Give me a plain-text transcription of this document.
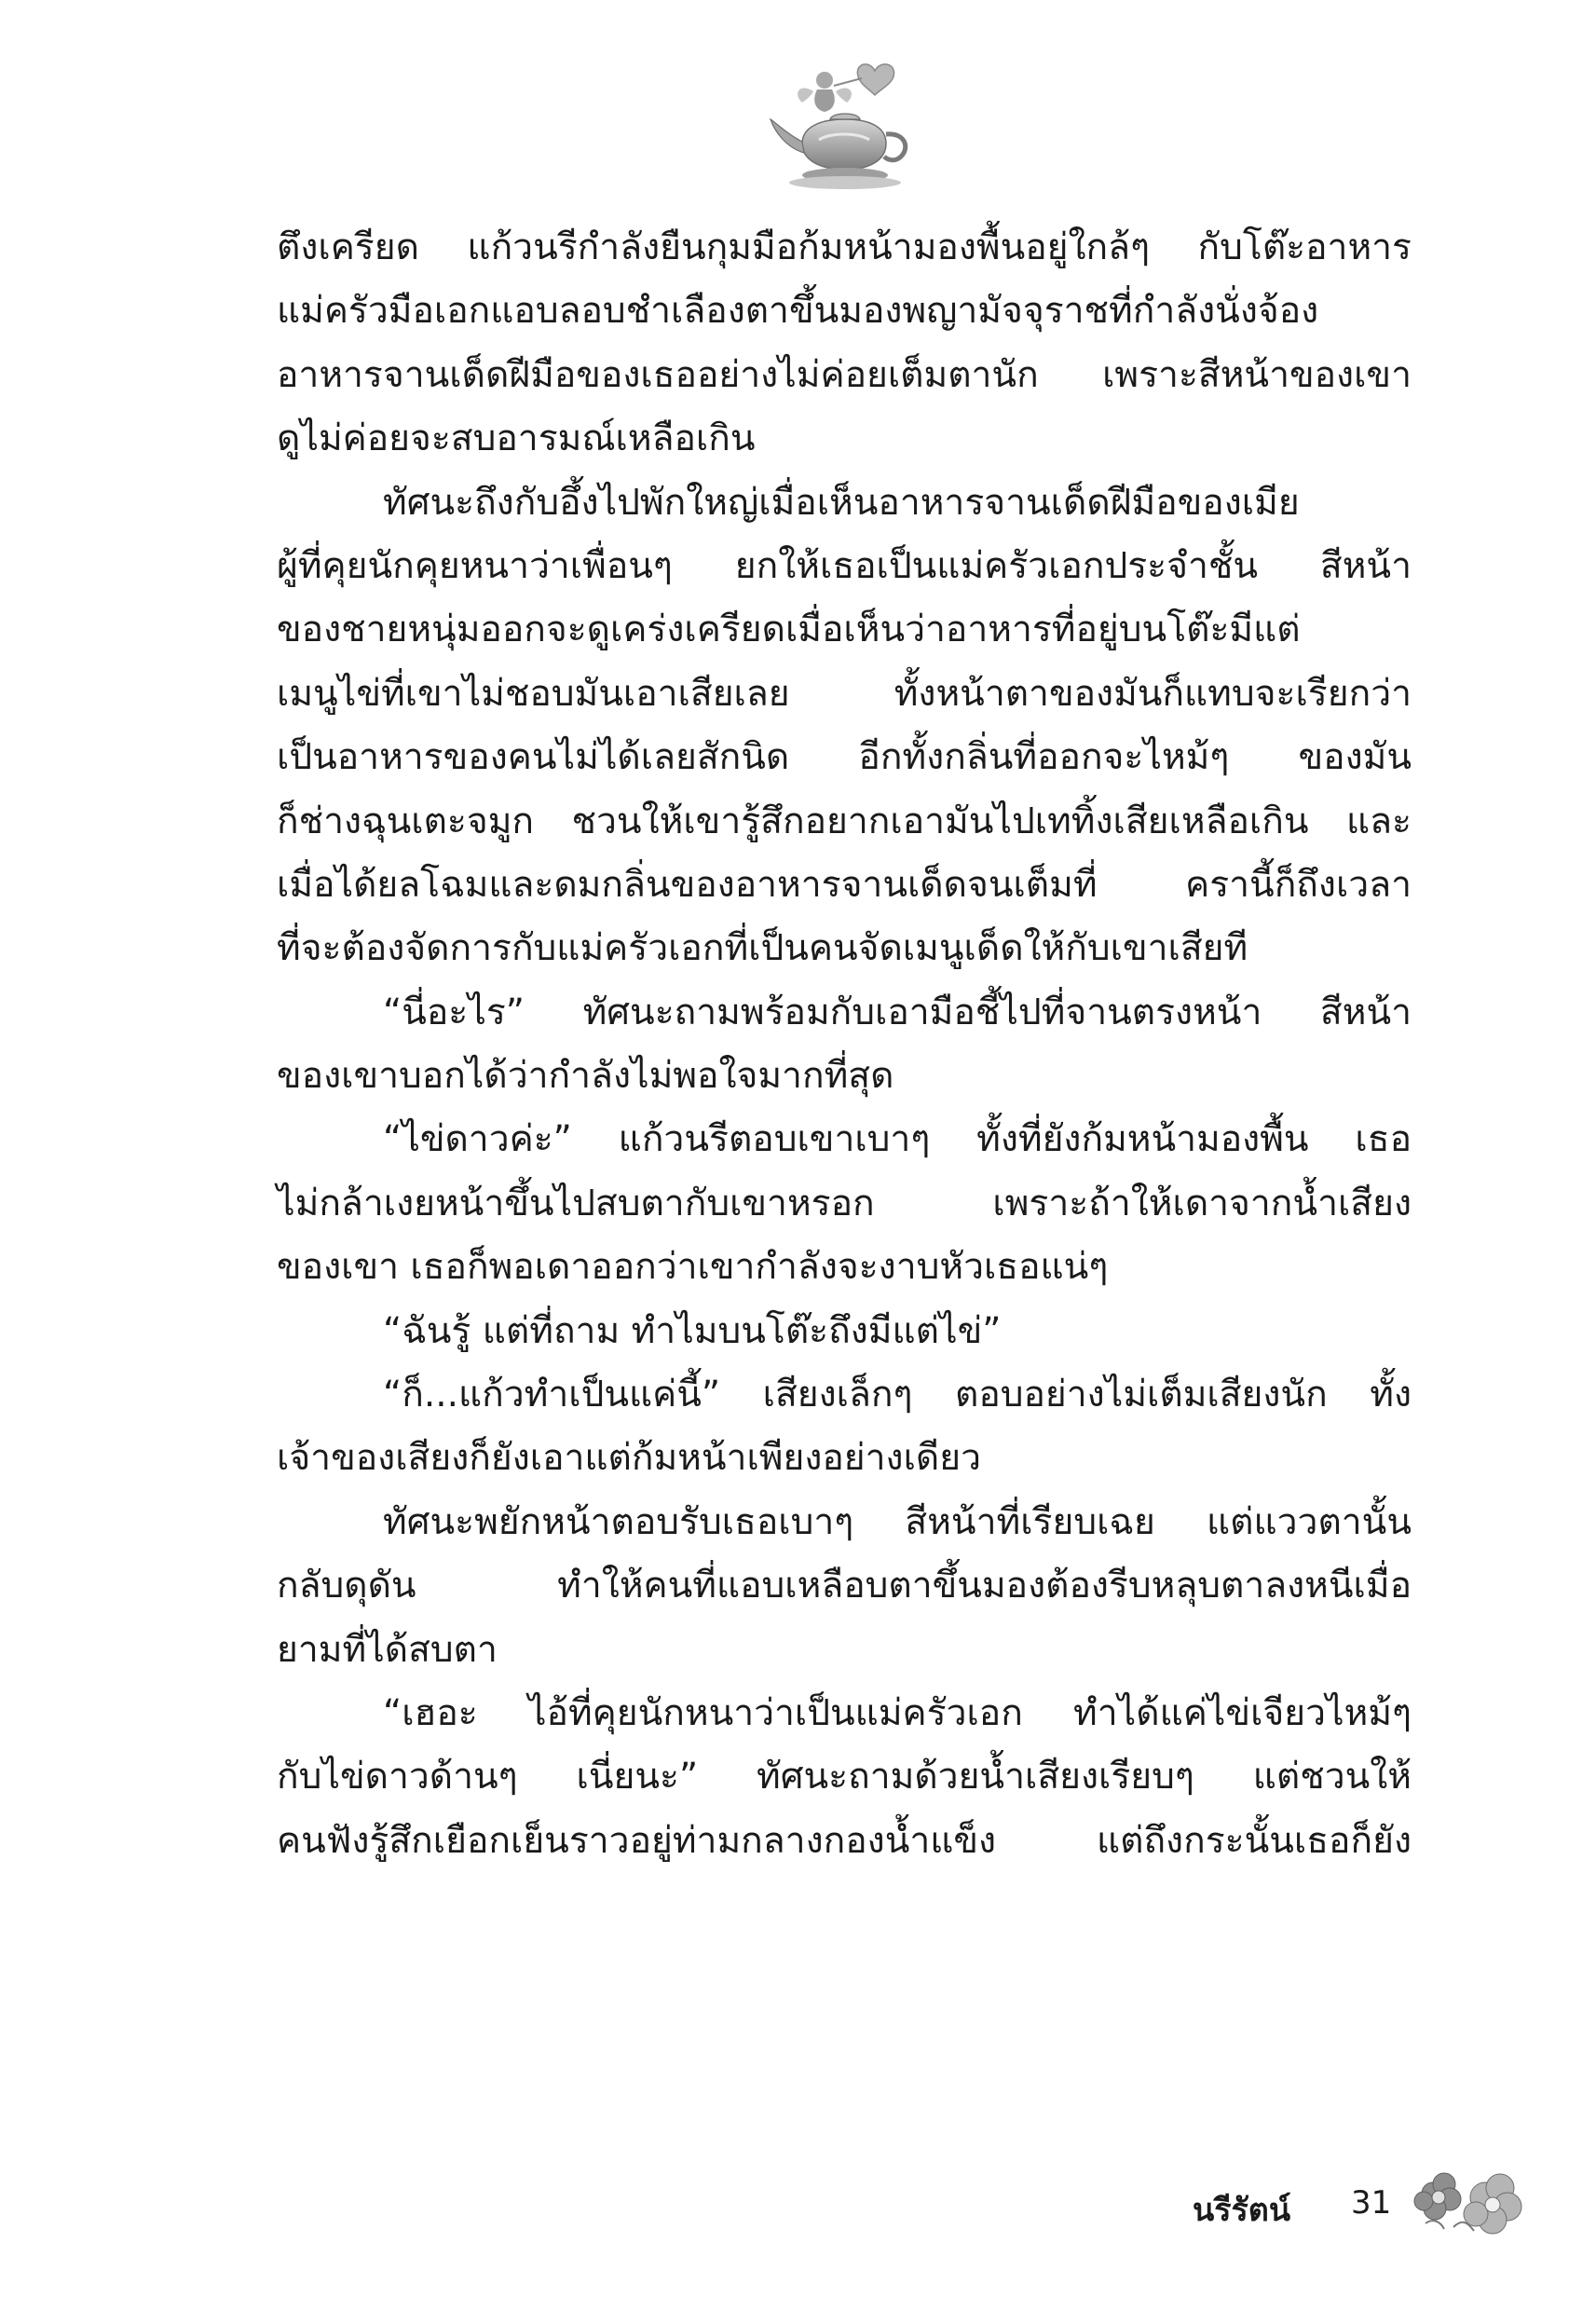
ตึงเครียด แก้วนรีกำลังยืนกุมมือก้มหน้ามองพื้นอยู่ใกล้ๆ กับโต๊ะอาหาร
แม่ครัวมือเอกแอบลอบชำเลืองตาขึ้นมองพญามัจจุราชที่กำลังนั่งจ้อง
อาหารจานเด็ดฝีมือของเธออย่างไม่ค่อยเต็มตานัก เพราะสีหน้าของเขา
ดูไม่ค่อยจะสบอารมณ์เหลือเกิน
ทัศนะถึงกับอึ้งไปพักใหญ่เมื่อเห็นอาหารจานเด็ดฝีมือของเมีย
ผู้ที่คุยนักคุยหนาว่าเพื่อนๆ ยกให้เธอเป็นแม่ครัวเอกประจำชั้น สีหน้า
ของชายหนุ่มออกจะดูเคร่งเครียดเมื่อเห็นว่าอาหารที่อยู่บนโต๊ะมีแต่
เมนูไข่ที่เขาไม่ชอบมันเอาเสียเลย ทั้งหน้าตาของมันก็แทบจะเรียกว่า
เป็นอาหารของคนไม่ได้เลยสักนิด อีกทั้งกลิ่นที่ออกจะไหม้ๆ ของมัน
ก็ช่างฉุนเตะจมูก ชวนให้เขารู้สึกอยากเอามันไปเททิ้งเสียเหลือเกิน และ
เมื่อได้ยลโฉมและดมกลิ่นของอาหารจานเด็ดจนเต็มที่ ครานี้ก็ถึงเวลา
ที่จะต้องจัดการกับแม่ครัวเอกที่เป็นคนจัดเมนูเด็ดให้กับเขาเสียที
“นี่อะไร” ทัศนะถามพร้อมกับเอามือชี้ไปที่จานตรงหน้า สีหน้า
ของเขาบอกได้ว่ากำลังไม่พอใจมากที่สุด
“ไข่ดาวค่ะ” แก้วนรีตอบเขาเบาๆ ทั้งที่ยังก้มหน้ามองพื้น เธอ
ไม่กล้าเงยหน้าขึ้นไปสบตากับเขาหรอก เพราะถ้าให้เดาจากน้ำเสียง
ของเขา เธอก็พอเดาออกว่าเขากำลังจะงาบหัวเธอแน่ๆ
“ฉันรู้ แต่ที่ถาม ทำไมบนโต๊ะถึงมีแต่ไข่”
“ก็...แก้วทำเป็นแค่นี้” เสียงเล็กๆ ตอบอย่างไม่เต็มเสียงนัก ทั้ง
เจ้าของเสียงก็ยังเอาแต่ก้มหน้าเพียงอย่างเดียว
ทัศนะพยักหน้าตอบรับเธอเบาๆ สีหน้าที่เรียบเฉย แต่แววตานั้น
กลับดุดัน ทำให้คนที่แอบเหลือบตาขึ้นมองต้องรีบหลุบตาลงหนีเมื่อ
ยามที่ได้สบตา
“เฮอะ ไอ้ที่คุยนักหนาว่าเป็นแม่ครัวเอก ทำได้แค่ไข่เจียวไหม้ๆ
กับไข่ดาวด้านๆ เนี่ยนะ” ทัศนะถามด้วยน้ำเสียงเรียบๆ แต่ชวนให้
คนฟังรู้สึกเยือกเย็นราวอยู่ท่ามกลางกองน้ำแข็ง แต่ถึงกระนั้นเธอก็ยัง
นรีรัตน์ 31
